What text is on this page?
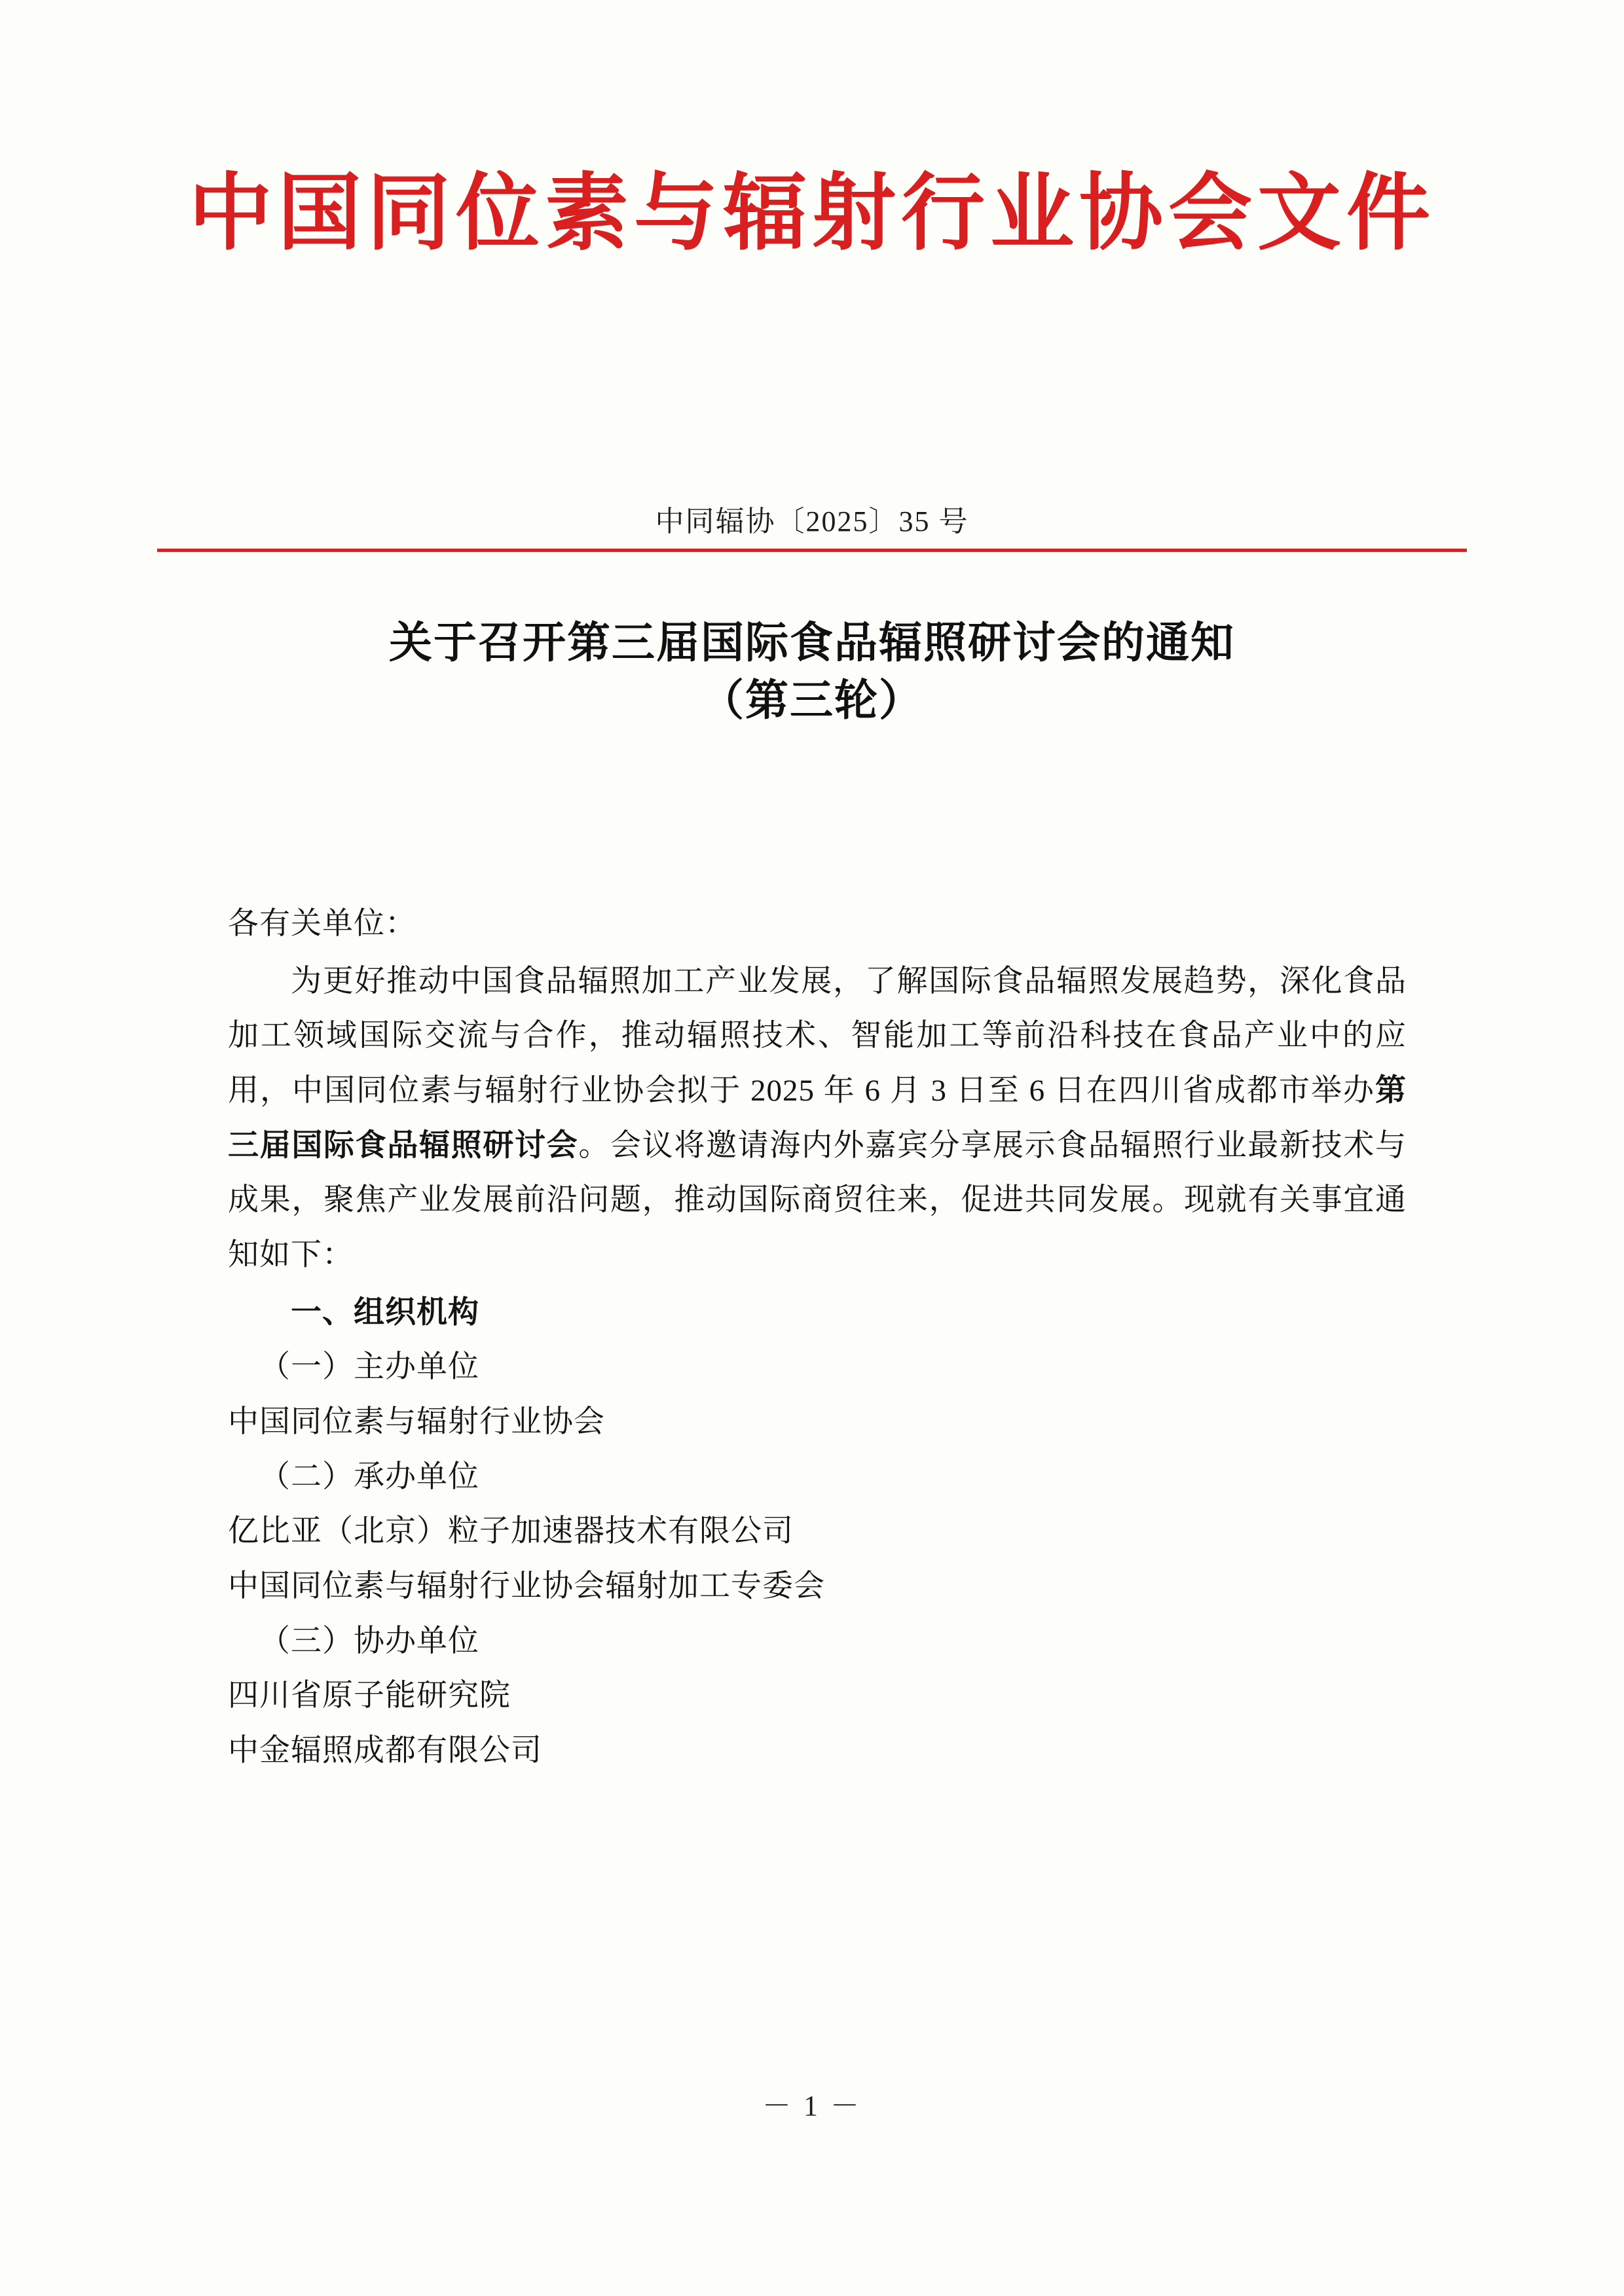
中国同位素与辐射行业协会文件
中同辐协〔2025〕35 号
关于召开第三届国际食品辐照研讨会的通知
（第三轮）

各有关单位：

为更好推动中国食品辐照加工产业发展，了解国际食品辐照发展趋势，深化食品加工领域国际交流与合作，推动辐照技术、智能加工等前沿科技在食品产业中的应用，中国同位素与辐射行业协会拟于 2025 年 6 月 3 日至 6 日在四川省成都市举办第三届国际食品辐照研讨会。会议将邀请海内外嘉宾分享展示食品辐照行业最新技术与成果，聚焦产业发展前沿问题，推动国际商贸往来，促进共同发展。现就有关事宜通知如下：

一、组织机构

（一）主办单位

中国同位素与辐射行业协会

（二）承办单位

亿比亚（北京）粒子加速器技术有限公司

中国同位素与辐射行业协会辐射加工专委会

（三）协办单位

四川省原子能研究院

中金辐照成都有限公司

－ 1 －
